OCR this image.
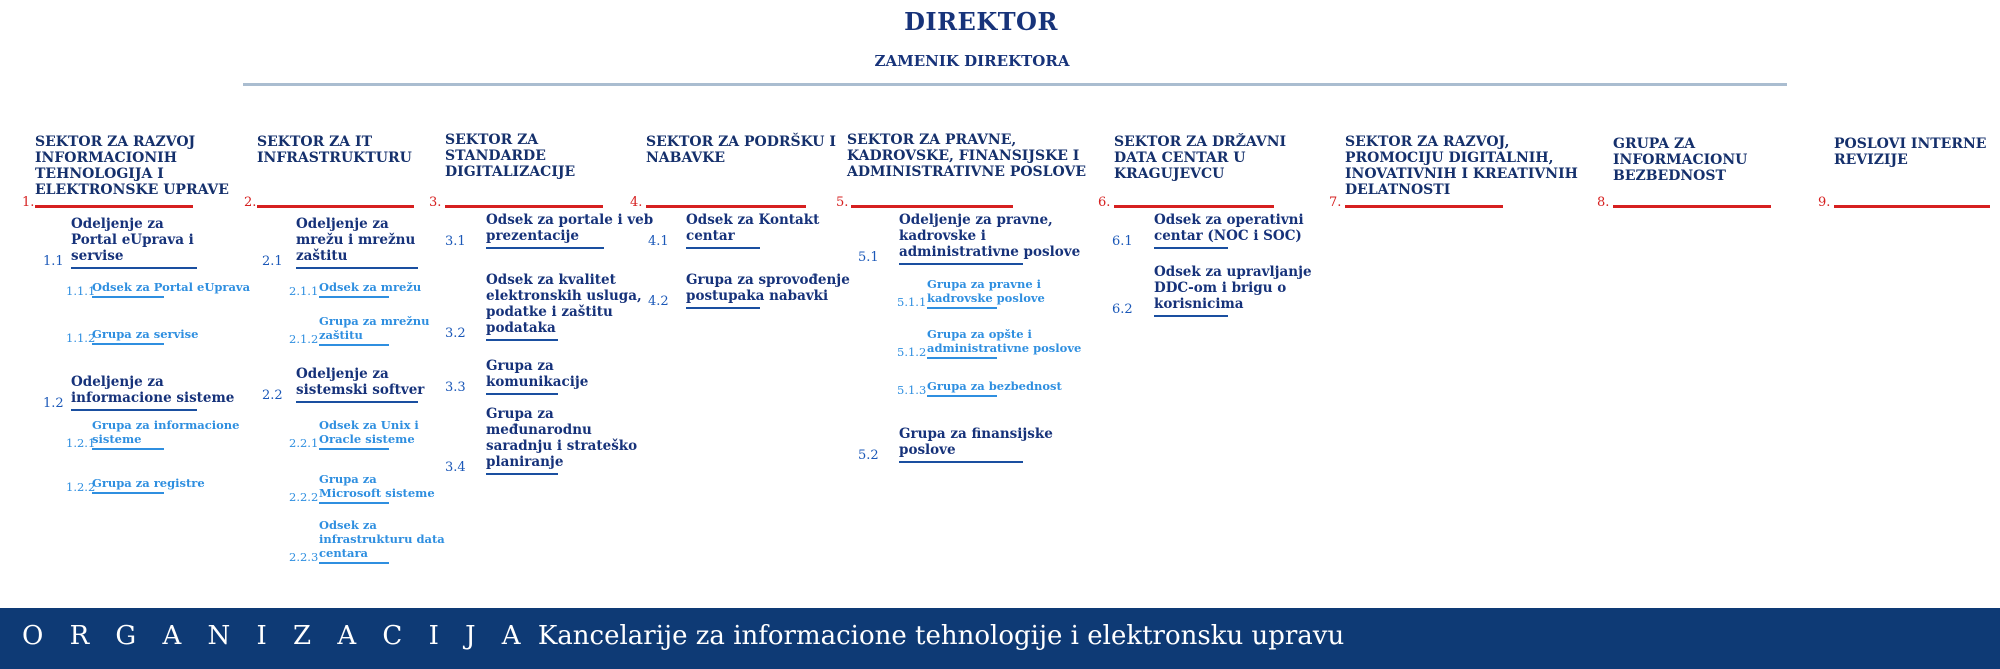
DIREKTOR
ZAMENIK DIREKTORA
SEKTOR ZA RAZVOJ
INFORMACIONIH
TEHNOLOGIJA I
ELEKTRONSKE UPRAVE
1.
Odeljenje za
Portal eUprava i
servise
1.1
Odsek za Portal eUprava
1.1.1
Grupa za servise
1.1.2
Odeljenje za
informacione sisteme
1.2
Grupa za informacione
sisteme
1.2.1
Grupa za registre
1.2.2
SEKTOR ZA IT
INFRASTRUKTURU
2.
Odeljenje za
mrežu i mrežnu
zaštitu
2.1
Odsek za mrežu
2.1.1
Grupa za mrežnu
zaštitu
2.1.2
Odeljenje za
sistemski softver
2.2
Odsek za Unix i
Oracle sisteme
2.2.1
Grupa za
Microsoft sisteme
2.2.2
Odsek za
infrastrukturu data
centara
2.2.3
SEKTOR ZA
STANDARDE
DIGITALIZACIJE
3.
Odsek za portale i veb
prezentacije
3.1
Odsek za kvalitet
elektronskih usluga,
podatke i zaštitu
podataka
3.2
Grupa za
komunikacije
3.3
Grupa za
međunarodnu
saradnju i strateško
planiranje
3.4
SEKTOR ZA PODRŠKU I
NABAVKE
4.
Odsek za Kontakt
centar
4.1
Grupa za sprovođenje
postupaka nabavki
4.2
SEKTOR ZA PRAVNE,
KADROVSKE, FINANSIJSKE I
ADMINISTRATIVNE POSLOVE
5.
Odeljenje za pravne,
kadrovske i
administrativne poslove
5.1
Grupa za pravne i
kadrovske poslove
5.1.1
Grupa za opšte i
administrativne poslove
5.1.2
Grupa za bezbednost
5.1.3
Grupa za finansijske
poslove
5.2
SEKTOR ZA DRŽAVNI
DATA CENTAR U
KRAGUJEVCU
6.
Odsek za operativni
centar (NOC i SOC)
6.1
Odsek za upravljanje
DDC-om i brigu o
korisnicima
6.2
SEKTOR ZA RAZVOJ,
PROMOCIJU DIGITALNIH,
INOVATIVNIH I KREATIVNIH
DELATNOSTI
7.
GRUPA ZA
INFORMACIONU
BEZBEDNOST
8.
POSLOVI INTERNE
REVIZIJE
9.
O R G A N I Z A C I J A Kancelarije za informacione tehnologije i elektronsku upravu
